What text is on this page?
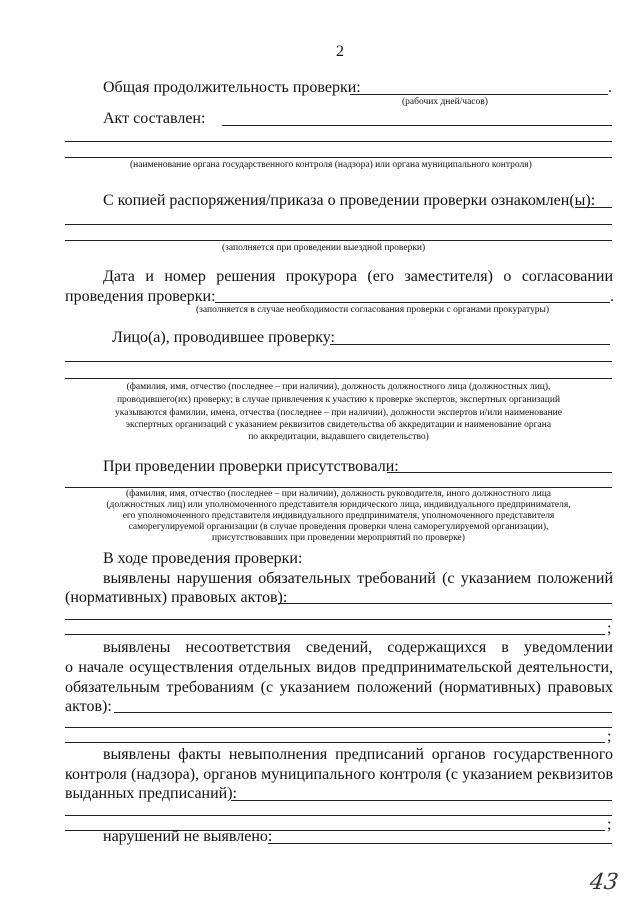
2
Общая продолжительность проверки:	.
(рабочих дней/часов)
Акт составлен:
(наименование органа государственного контроля (надзора) или органа муниципального контроля)
С копией распоряжения/приказа о проведении проверки ознакомлен(ы):
(заполняется при проведении выездной проверки)
Дата и номер решения прокурора (его заместителя) о согласовании
проведения проверки:	.
(заполняется в случае необходимости согласования проверки с органами прокуратуры)
Лицо(а), проводившее проверку:
(фамилия, имя, отчество (последнее – при наличии), должность должностного лица (должностных лиц),
проводившего(их) проверку; в случае привлечения к участию к проверке экспертов, экспертных организаций
указываются фамилии, имена, отчества (последнее – при наличии), должности экспертов и/или наименование
экспертных организаций с указанием реквизитов свидетельства об аккредитации и наименование органа
по аккредитации, выдавшего свидетельство)
При проведении проверки присутствовали:
(фамилия, имя, отчество (последнее – при наличии), должность руководителя, иного должностного лица
(должностных лиц) или уполномоченного представителя юридического лица, индивидуального предпринимателя,
его уполномоченного представителя индивидуального предпринимателя, уполномоченного представителя
саморегулируемой организации (в случае проведения проверки члена саморегулируемой организации),
присутствовавших при проведении мероприятий по проверке)
В ходе проведения проверки:
выявлены нарушения обязательных требований (с указанием положений
(нормативных) правовых актов):
;
выявлены несоответствия сведений, содержащихся в уведомлении
о начале осуществления отдельных видов предпринимательской деятельности,
обязательным требованиям (с указанием положений (нормативных) правовых
актов):
;
выявлены факты невыполнения предписаний органов государственного
контроля (надзора), органов муниципального контроля (с указанием реквизитов
выданных предписаний):
;
нарушений не выявлено:
43
